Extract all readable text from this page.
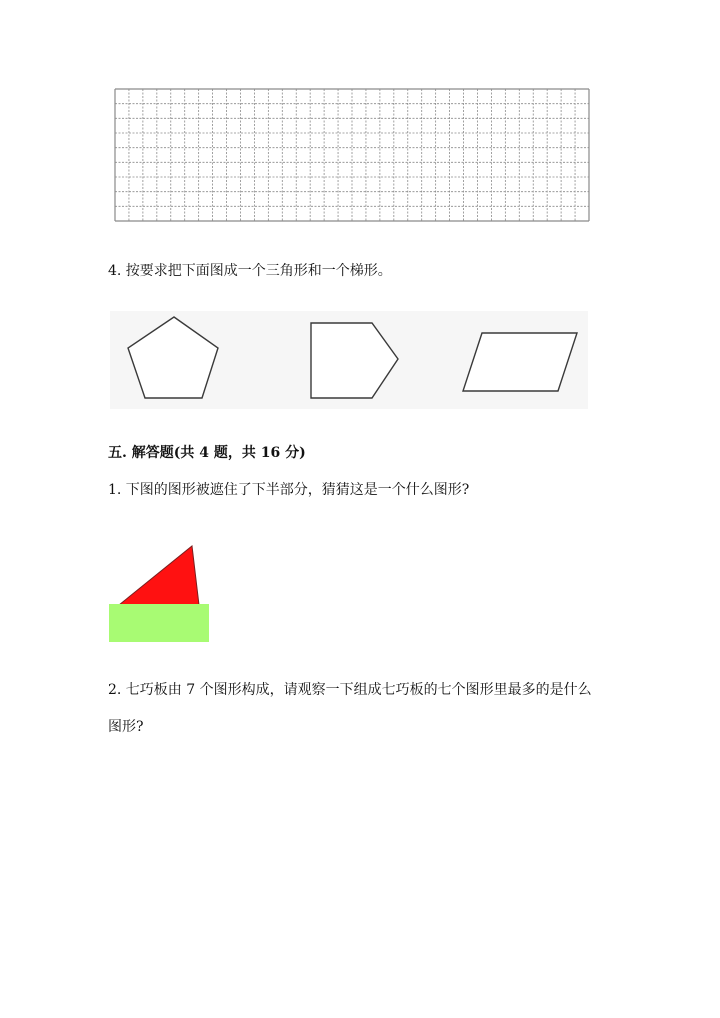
4. 按要求把下面图成一个三角形和一个梯形。
五. 解答题(共 4 题，共 16 分)
1. 下图的图形被遮住了下半部分，猜猜这是一个什么图形?
2. 七巧板由 7 个图形构成，请观察一下组成七巧板的七个图形里最多的是什么
图形?
